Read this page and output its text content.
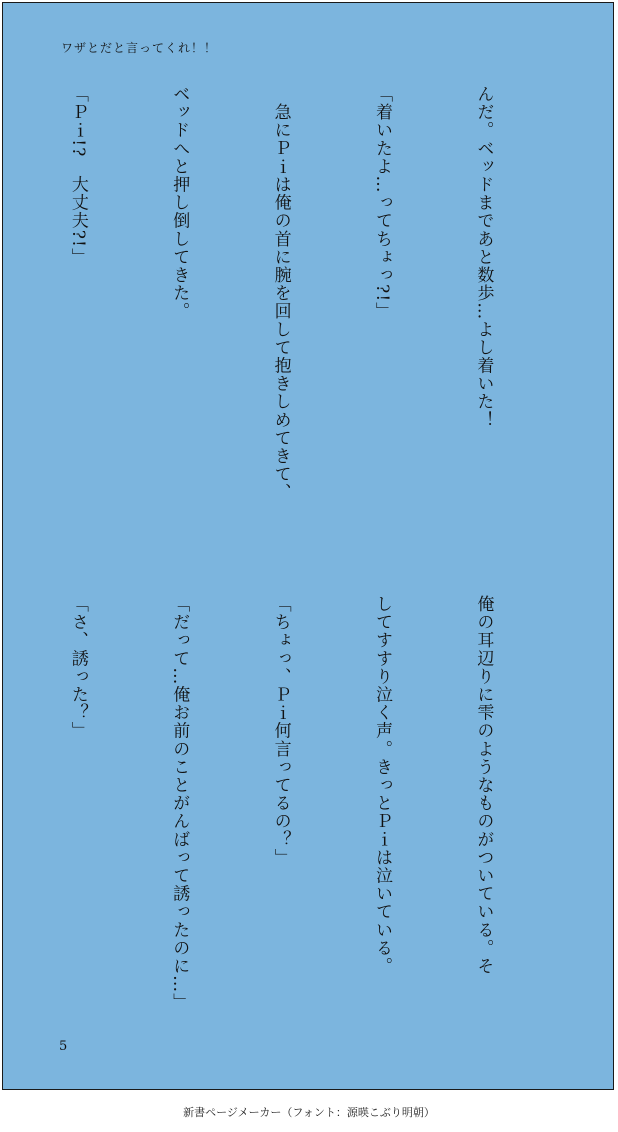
ワザとだと言ってくれ！！

んだ。ベッドまであと数歩…よし着いた！

「着いたよ…ってちょっ?!」

　急にＰｉは俺の首に腕を回して抱きしめてきて、

ベッドへと押し倒してきた。

「Ｐｉ!?　大丈夫?!」

俺の耳辺りに雫のようなものがついている。そ

してすすり泣く声。きっとＰｉは泣いている。

「ちょっ、Ｐｉ何言ってるの？」

「だって…俺お前のことがんばって誘ったのに…」

「さ、誘った？」

5
新書ページメーカー（フォント：源暎こぶり明朝）
